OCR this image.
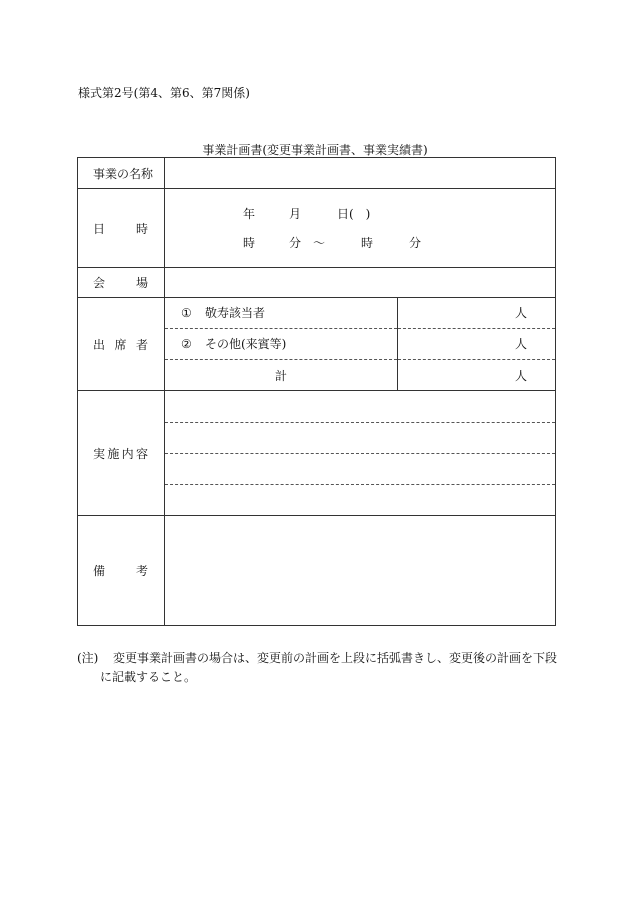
様式第2号(第4、第6、第7関係)
事業計画書(変更事業計画書、事業実績書)
事業の名称

日	時

年	月	日(　)
時	分 ～	時	分

会	場

出 席 者

① 敬寿該当者	人
② その他(来賓等)	人
計	人

実 施 内 容

備	考

(注) 変更事業計画書の場合は、変更前の計画を上段に括弧書きし、変更後の計画を下段
に記載すること。
